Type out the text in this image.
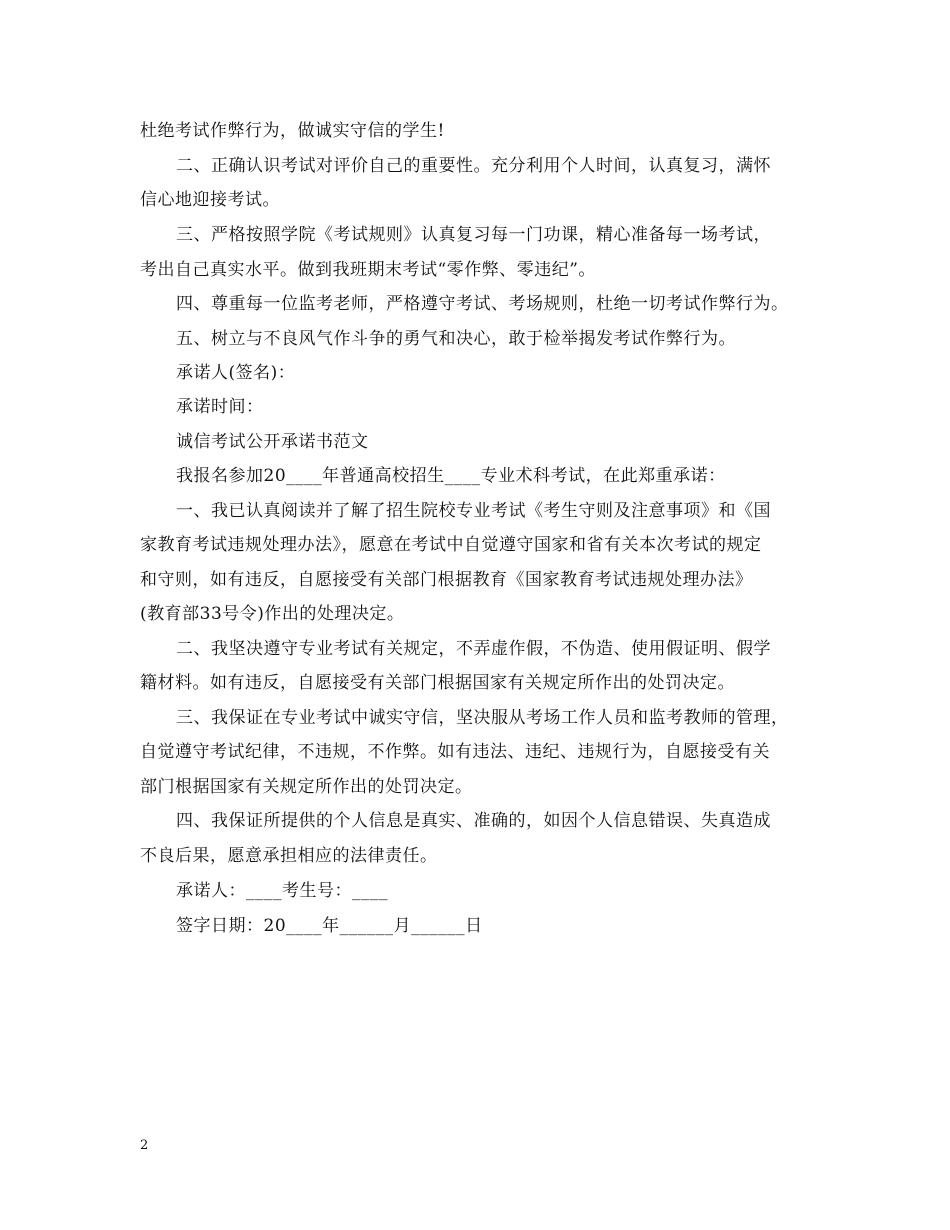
杜绝考试作弊行为，做诚实守信的学生!
二、正确认识考试对评价自己的重要性。充分利用个人时间，认真复习，满怀
信心地迎接考试。
三、严格按照学院《考试规则》认真复习每一门功课，精心准备每一场考试，
考出自己真实水平。做到我班期末考试“零作弊、零违纪”。
四、尊重每一位监考老师，严格遵守考试、考场规则，杜绝一切考试作弊行为。
五、树立与不良风气作斗争的勇气和决心，敢于检举揭发考试作弊行为。
承诺人(签名)：
承诺时间：
诚信考试公开承诺书范文
我报名参加20____年普通高校招生____专业术科考试，在此郑重承诺：
一、我已认真阅读并了解了招生院校专业考试《考生守则及注意事项》和《国
家教育考试违规处理办法》，愿意在考试中自觉遵守国家和省有关本次考试的规定
和守则，如有违反，自愿接受有关部门根据教育《国家教育考试违规处理办法》
(教育部33号令)作出的处理决定。
二、我坚决遵守专业考试有关规定，不弄虚作假，不伪造、使用假证明、假学
籍材料。如有违反，自愿接受有关部门根据国家有关规定所作出的处罚决定。
三、我保证在专业考试中诚实守信，坚决服从考场工作人员和监考教师的管理，
自觉遵守考试纪律，不违规，不作弊。如有违法、违纪、违规行为，自愿接受有关
部门根据国家有关规定所作出的处罚决定。
四、我保证所提供的个人信息是真实、准确的，如因个人信息错误、失真造成
不良后果，愿意承担相应的法律责任。
承诺人：____考生号：____
签字日期：20____年______月______日
2
